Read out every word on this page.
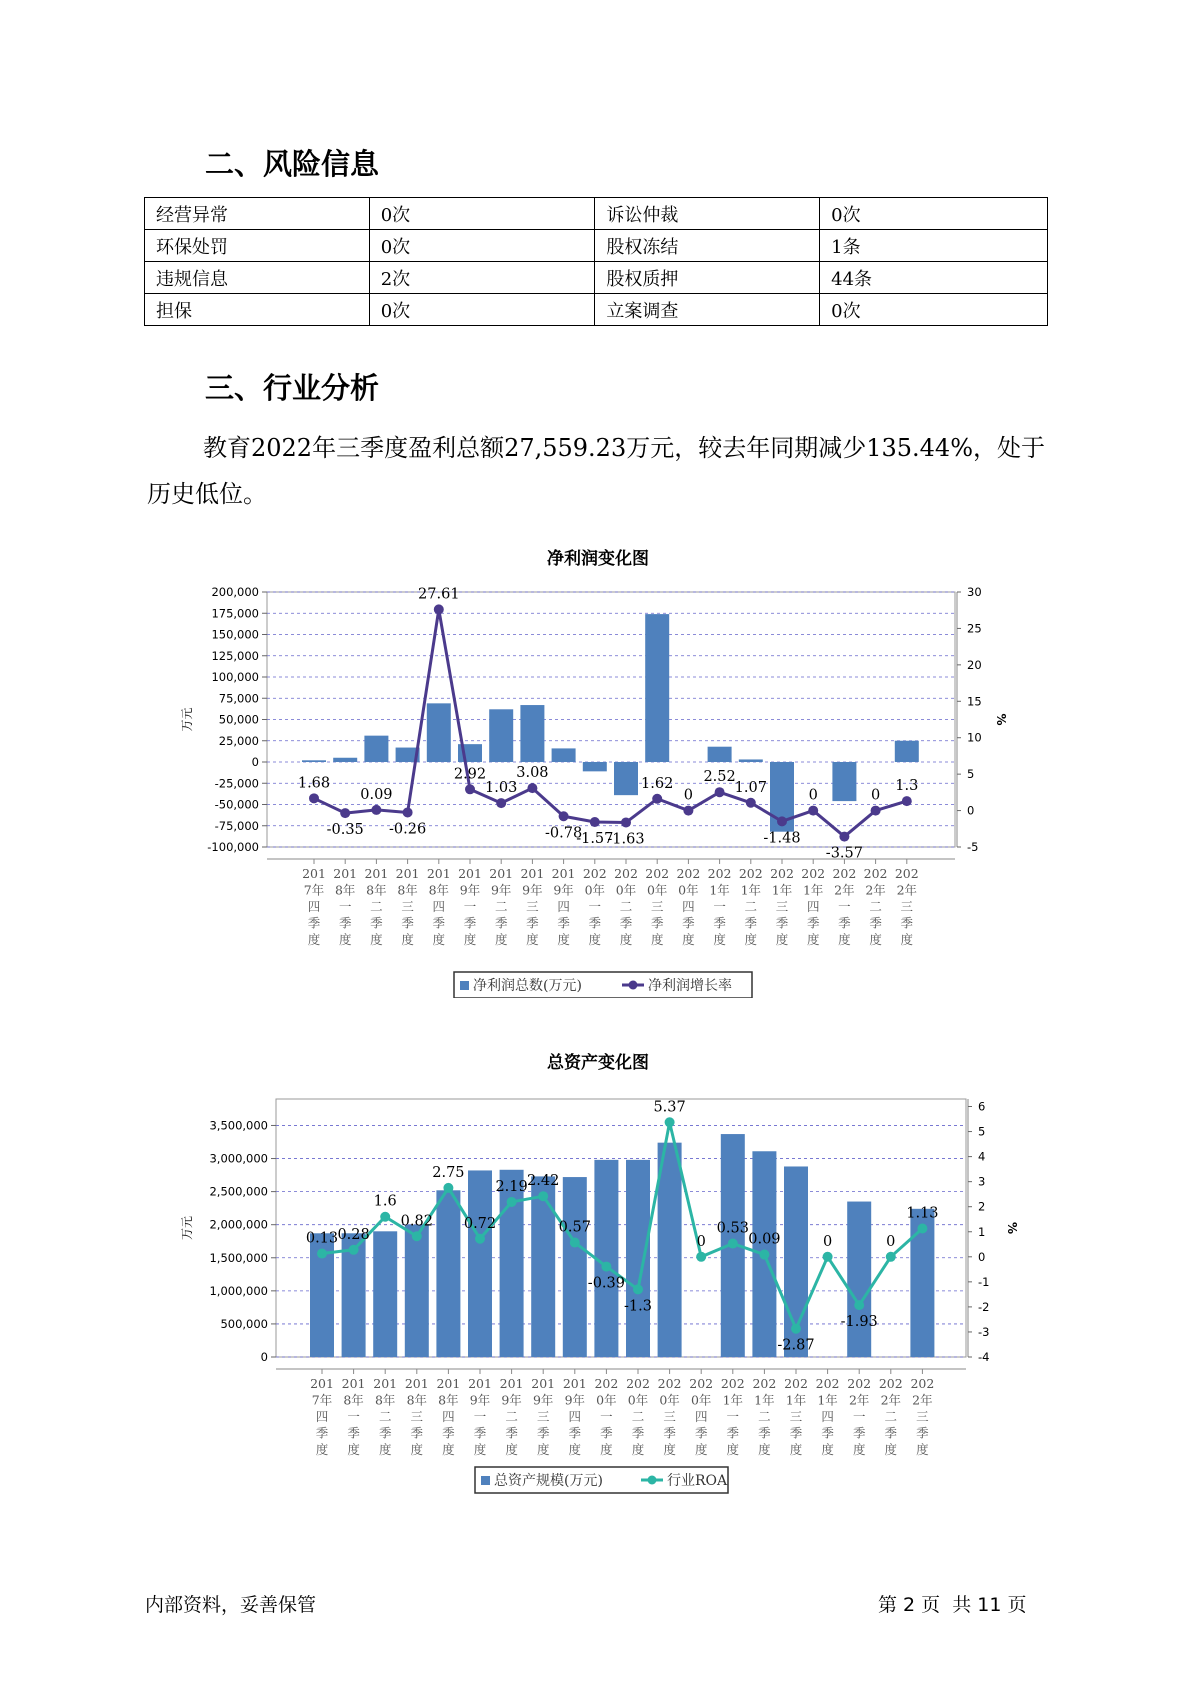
二、风险信息
经营异常	0次	诉讼仲裁	0次
环保处罚	0次	股权冻结	1条
违规信息	2次	股权质押	44条
担保	0次	立案调查	0次
三、行业分析
教育2022年三季度盈利总额27,559.23万元，较去年同期减少135.44%，处于历史低位。
净利润变化图
200,000
175,000
150,000
125,000
100,000
75,000
50,000
25,000
0
-25,000
-50,000
-75,000
-100,000
万元
30
25
20
15
10
5
0
-5
%
1.68
-0.35
0.09
-0.26
27.61
2.92
1.03
3.08
-0.78
-1.57
-1.63
1.62
0
2.52
1.07
-1.48
0
-3.57
0
1.3
201
7年
四
季
度
201
8年
一
季
度
201
8年
二
季
度
201
8年
三
季
度
201
8年
四
季
度
201
9年
一
季
度
201
9年
二
季
度
201
9年
三
季
度
201
9年
四
季
度
202
0年
一
季
度
202
0年
二
季
度
202
0年
三
季
度
202
0年
四
季
度
202
1年
一
季
度
202
1年
二
季
度
202
1年
三
季
度
202
1年
四
季
度
202
2年
一
季
度
202
2年
二
季
度
202
2年
三
季
度
净利润总数(万元)	净利润增长率
总资产变化图
3,500,000
3,000,000
2,500,000
2,000,000
1,500,000
1,000,000
500,000
0
万元
6
5
4
3
2
1
0
-1
-2
-3
-4
%
0.13 0.28
1.6
0.82
2.75
0.72
2.19 2.42
0.57
-0.39
-1.3
5.37
0
0.53
0.09
-2.87
0
-1.93
0
1.13
201
7年
四
季
度
201
8年
一
季
度
201
8年
二
季
度
201
8年
三
季
度
201
8年
四
季
度
201
9年
一
季
度
201
9年
二
季
度
201
9年
三
季
度
201
9年
四
季
度
202
0年
一
季
度
202
0年
二
季
度
202
0年
三
季
度
202
0年
四
季
度
202
1年
一
季
度
202
1年
二
季
度
202
1年
三
季
度
202
1年
四
季
度
202
2年
一
季
度
202
2年
二
季
度
202
2年
三
季
度
总资产规模(万元)	行业ROA
内部资料，妥善保管	第 2 页  共 11 页
